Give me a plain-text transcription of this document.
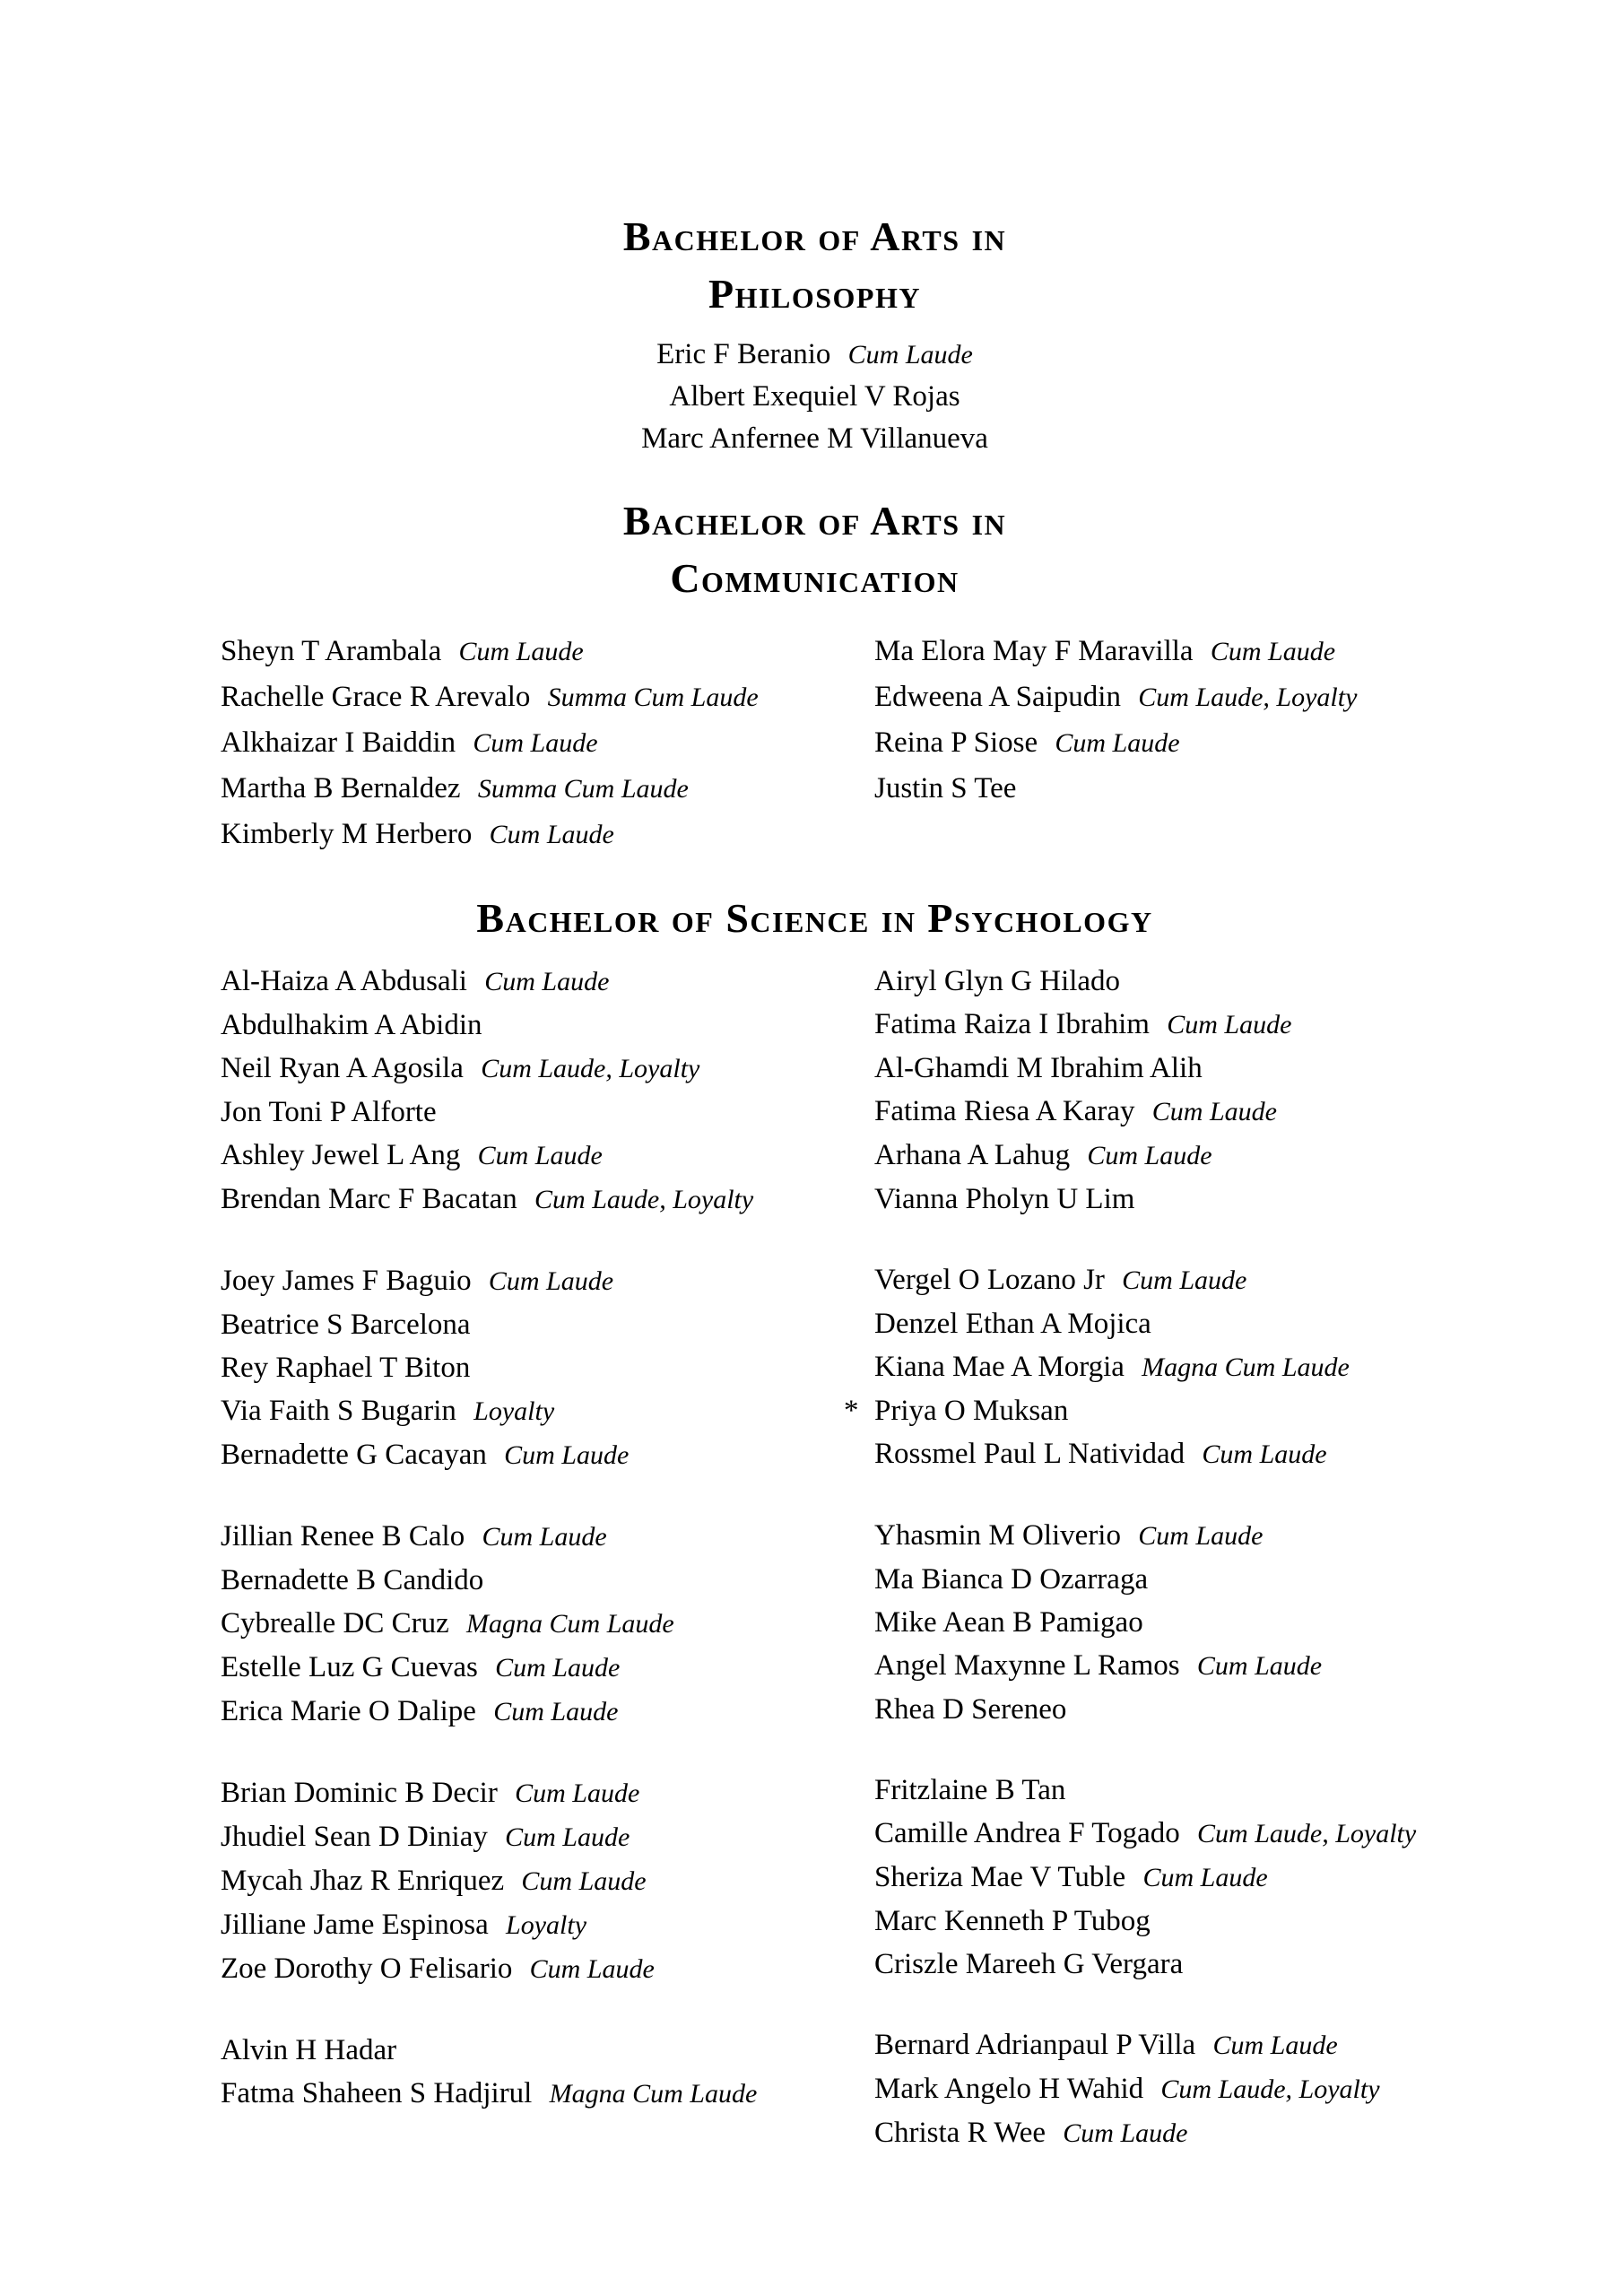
Bachelor of Arts in
Philosophy
Eric F Beranio Cum Laude
Albert Exequiel V Rojas
Marc Anfernee M Villanueva
Bachelor of Arts in
Communication
Sheyn T Arambala Cum Laude
Rachelle Grace R Arevalo Summa Cum Laude
Alkhaizar I Baiddin Cum Laude
Martha B Bernaldez Summa Cum Laude
Kimberly M Herbero Cum Laude
Ma Elora May F Maravilla Cum Laude
Edweena A Saipudin Cum Laude, Loyalty
Reina P Siose Cum Laude
Justin S Tee
Bachelor of Science in Psychology
Al-Haiza A Abdusali Cum Laude
Abdulhakim A Abidin
Neil Ryan A Agosila Cum Laude, Loyalty
Jon Toni P Alforte
Ashley Jewel L Ang Cum Laude
Brendan Marc F Bacatan Cum Laude, Loyalty
Joey James F Baguio Cum Laude
Beatrice S Barcelona
Rey Raphael T Biton
Via Faith S Bugarin Loyalty
Bernadette G Cacayan Cum Laude
Jillian Renee B Calo Cum Laude
Bernadette B Candido
Cybrealle DC Cruz Magna Cum Laude
Estelle Luz G Cuevas Cum Laude
Erica Marie O Dalipe Cum Laude
Brian Dominic B Decir Cum Laude
Jhudiel Sean D Diniay Cum Laude
Mycah Jhaz R Enriquez Cum Laude
Jilliane Jame Espinosa Loyalty
Zoe Dorothy O Felisario Cum Laude
Alvin H Hadar
Fatma Shaheen S Hadjirul Magna Cum Laude
Airyl Glyn G Hilado
Fatima Raiza I Ibrahim Cum Laude
Al-Ghamdi M Ibrahim Alih
Fatima Riesa A Karay Cum Laude
Arhana A Lahug Cum Laude
Vianna Pholyn U Lim
Vergel O Lozano Jr Cum Laude
Denzel Ethan A Mojica
Kiana Mae A Morgia Magna Cum Laude
* Priya O Muksan
Rossmel Paul L Natividad Cum Laude
Yhasmin M Oliverio Cum Laude
Ma Bianca D Ozarraga
Mike Aean B Pamigao
Angel Maxynne L Ramos Cum Laude
Rhea D Sereneo
Fritzlaine B Tan
Camille Andrea F Togado Cum Laude, Loyalty
Sheriza Mae V Tuble Cum Laude
Marc Kenneth P Tubog
Criszle Mareeh G Vergara
Bernard Adrianpaul P Villa Cum Laude
Mark Angelo H Wahid Cum Laude, Loyalty
Christa R Wee Cum Laude
